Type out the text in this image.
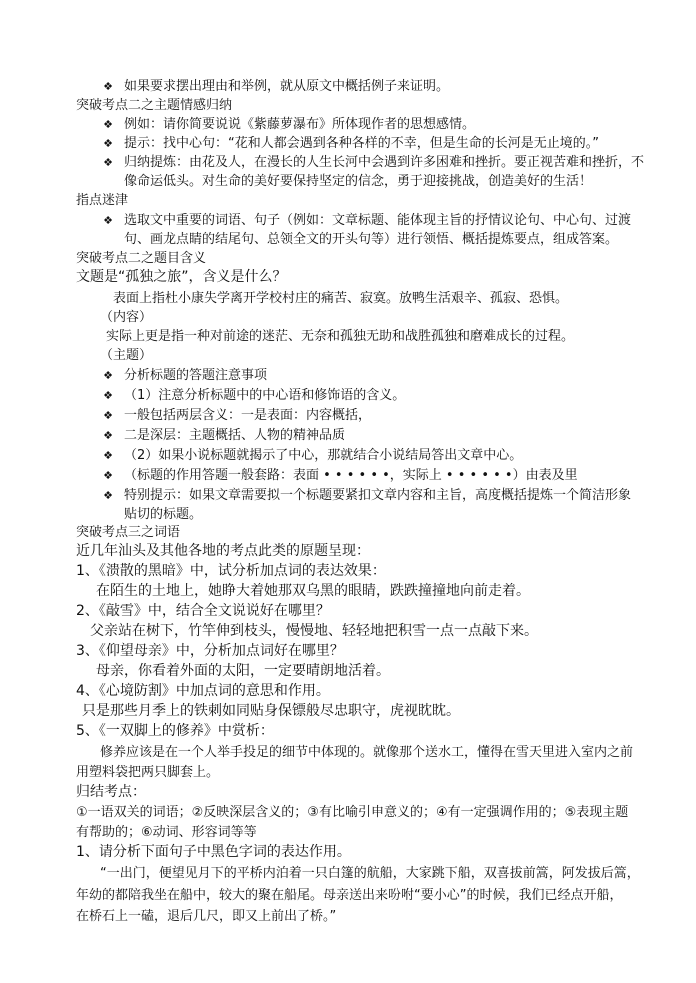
❖ 如果要求摆出理由和举例，就从原文中概括例子来证明。
突破考点二之主题情感归纳
❖ 例如：请你简要说说《紫藤萝瀑布》所体现作者的思想感情。
❖ 提示：找中心句：“花和人都会遇到各种各样的不幸，但是生命的长河是无止境的。”
❖ 归纳提炼：由花及人，在漫长的人生长河中会遇到许多困难和挫折。要正视苦难和挫折，不
像命运低头。对生命的美好要保持坚定的信念，勇于迎接挑战，创造美好的生活！
指点迷津
❖ 选取文中重要的词语、句子（例如：文章标题、能体现主旨的抒情议论句、中心句、过渡
句、画龙点睛的结尾句、总领全文的开头句等）进行领悟、概括提炼要点，组成答案。
突破考点二之题目含义
文题是“孤独之旅”，含义是什么？
表面上指杜小康失学离开学校村庄的痛苦、寂寞。放鸭生活艰辛、孤寂、恐惧。
（内容）
实际上更是指一种对前途的迷茫、无奈和孤独无助和战胜孤独和磨难成长的过程。
（主题）
❖ 分析标题的答题注意事项
❖ （1）注意分析标题中的中心语和修饰语的含义。
❖ 一般包括两层含义：一是表面：内容概括，
❖ 二是深层：主题概括、人物的精神品质
❖ （2）如果小说标题就揭示了中心，那就结合小说结局答出文章中心。
❖ （标题的作用答题一般套路：表面 • • • • • •，实际上 • • • • • •）由表及里
❖ 特别提示：如果文章需要拟一个标题要紧扣文章内容和主旨，高度概括提炼一个简洁形象
贴切的标题。
突破考点三之词语
近几年汕头及其他各地的考点此类的原题呈现：
1、《溃散的黑暗》中，试分析加点词的表达效果：
在陌生的土地上，她睁大着她那双乌黑的眼睛，跌跌撞撞地向前走着。
2、《敲雪》中，结合全文说说好在哪里？
父亲站在树下，竹竿伸到枝头，慢慢地、轻轻地把积雪一点一点敲下来。
3、《仰望母亲》中，分析加点词好在哪里？
母亲，你看着外面的太阳，一定要晴朗地活着。
4、《心境防割》中加点词的意思和作用。
只是那些月季上的铁刺如同贴身保镖般尽忠职守，虎视眈眈。
5、《一双脚上的修养》中赏析：
修养应该是在一个人举手投足的细节中体现的。就像那个送水工，懂得在雪天里进入室内之前
用塑料袋把两只脚套上。
归结考点：
①一语双关的词语；②反映深层含义的；③有比喻引申意义的；④有一定强调作用的；⑤表现主题
有帮助的；⑥动词、形容词等等
1、请分析下面句子中黑色字词的表达作用。
“一出门，便望见月下的平桥内泊着一只白篷的航船，大家跳下船，双喜拔前篙，阿发拔后篙，
年幼的都陪我坐在船中，较大的聚在船尾。母亲送出来吩咐“要小心”的时候，我们已经点开船，
在桥石上一磕，退后几尺，即又上前出了桥。”
